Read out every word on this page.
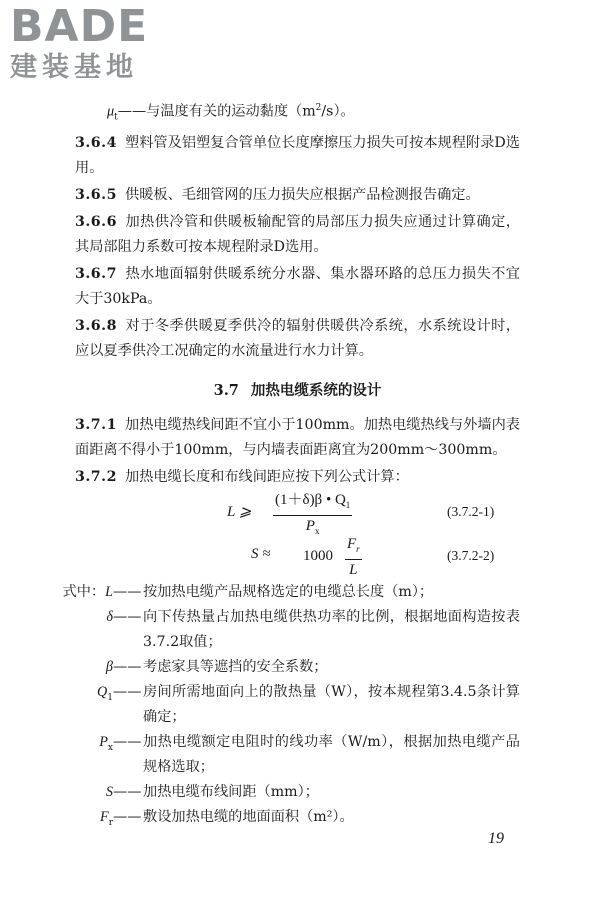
BADE
建装基地

$\mu_t——$与温度有关的运动黏度$(m^2/s)$。

3.6.4 塑料管及铝塑复合管单位长度摩擦压力损失可按本规程附录D选用。

3.6.5 供暖板、毛细管网的压力损失应根据产品检测报告确定。

3.6.6 加热供冷管和供暖板输配管的局部压力损失应通过计算确定，其局部阻力系数可按本规程附录D选用。

3.6.7 热水地面辐射供暖系统分水器、集水器环路的总压力损失不宜大于30kPa。

3.6.8 对于冬季供暖夏季供冷的辐射供暖供冷系统，水系统设计时，应以夏季供冷工况确定的水流量进行水力计算。

3.7 加热电缆系统的设计

3.7.1 加热电缆热线间距不宜小于100mm。加热电缆热线与外墙内表面距离不得小于100mm，与内墙表面距离宜为200mm～300mm。

3.7.2 加热电缆长度和布线间距应按下列公式计算：

L ⩾ $\frac{(1+\delta)\beta • Q_1}{P_x}$	(3.7.2-1)
$S \approx 1000 \frac{F_r}{L}$	(3.7.2-2)
式中：L —— 按加热电缆产品规格选定的电缆总长度（m）；
δ —— 向下传热量占加热电缆供热功率的比例，根据地面构造按表3.7.2取值；
β —— 考虑家具等遮挡的安全系数；
$Q_1$ —— 房间所需地面向上的散热量（W），按本规程第3.4.5条计算确定；
$P_x$ —— 加热电缆额定电阻时的线功率（W/m），根据加热电缆产品规格选取；
S —— 加热电缆布线间距（mm）；
$F_r$ —— 敷设加热电缆的地面面积（m²）。
19
